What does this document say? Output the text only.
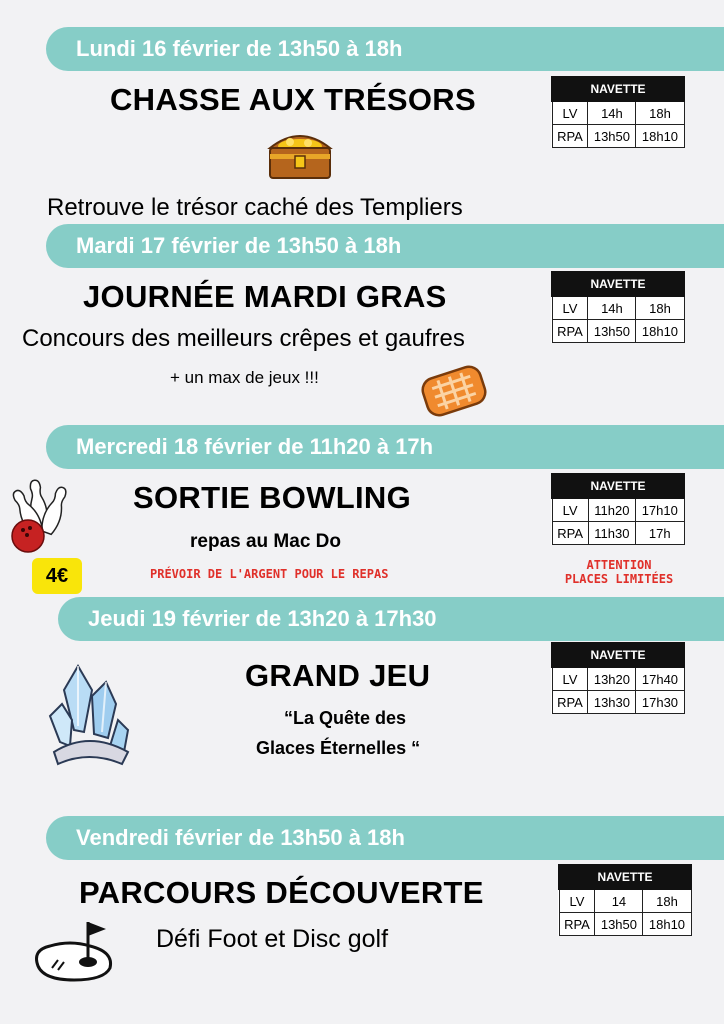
Lundi 16 février de 13h50 à 18h
CHASSE AUX TRÉSORS	NAVETTE		
LV	14h	18h
RPA	13h50	18h10
Retrouve le trésor caché des Templiers
Mardi 17 février de 13h50 à 18h
JOURNÉE MARDI GRAS	NAVETTE		
LV	14h	18h
RPA	13h50	18h10
Concours des meilleurs crêpes et gaufres
+ un max de jeux !!!
Mercredi 18 février de 11h20 à 17h
SORTIE BOWLING	NAVETTE		
LV	11h20	17h10
RPA	11h30	17h
4€
repas au Mac Do
PRÉVOIR DE L'ARGENT POUR LE REPAS
ATTENTION
PLACES LIMITÉES
Jeudi 19 février de 13h20 à 17h30
GRAND JEU
NAVETTE		
LV	13h20	17h40
RPA	13h30	17h30
“La Quête des
Glaces Éternelles “
Vendredi février de 13h50 à 18h
PARCOURS DÉCOUVERTE	NAVETTE		
LV	14	18h
RPA	13h50	18h10
Défi Foot et Disc golf
